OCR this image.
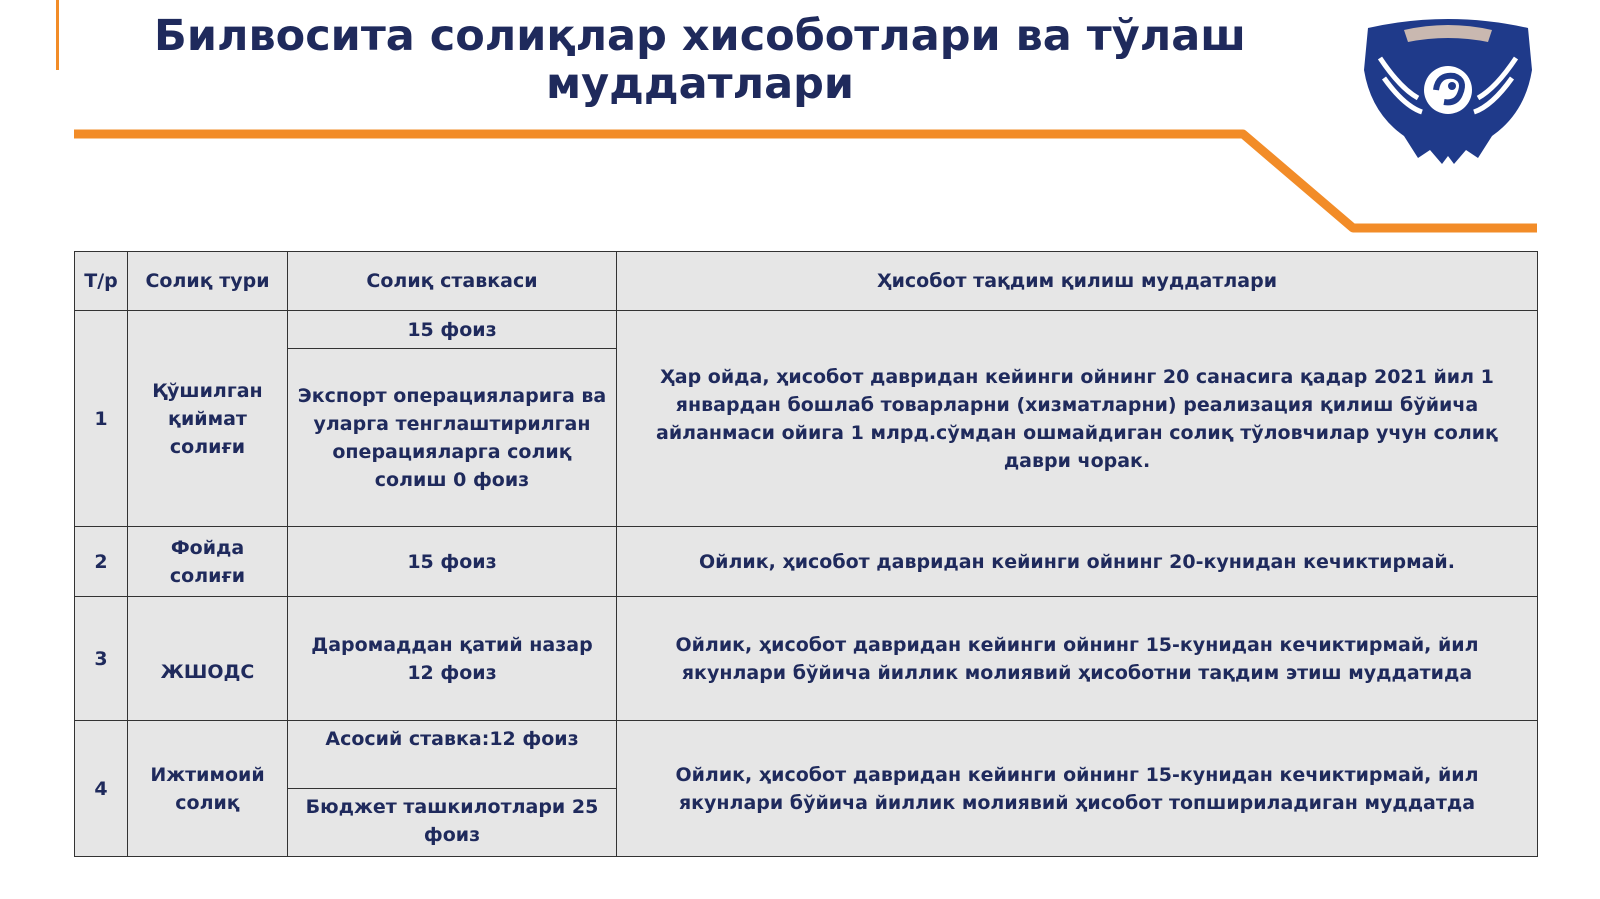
Билвосита солиқлар хисоботлари ва тўлаш
муддатлари
Т/р	Солиқ тури	Солиқ ставкаси	Ҳисобот тақдим қилиш муддатлари
1	Қўшилган қиймат солиғи	15 фоиз	Ҳар ойда, ҳисобот давридан кейинги ойнинг 20 санасига қадар 2021 йил 1 январдан бошлаб товарларни (хизматларни) реализация қилиш бўйича айланмаси ойига 1 млрд.сўмдан ошмайдиган солиқ тўловчилар учун солиқ даври чорак.
		Экспорт операцияларига ва уларга тенглаштирилган операцияларга солиқ солиш 0 фоиз	
2	Фойда солиғи	15 фоиз	Ойлик, ҳисобот давридан кейинги ойнинг 20-кунидан кечиктирмай.
3	ЖШОДС	Даромаддан қатий назар 12 фоиз	Ойлик, ҳисобот давридан кейинги ойнинг 15-кунидан кечиктирмай, йил якунлари бўйича йиллик молиявий ҳисоботни тақдим этиш муддатида
4	Ижтимоий солиқ	Асосий ставка:12 фоиз	Ойлик, ҳисобот давридан кейинги ойнинг 15-кунидан кечиктирмай, йил якунлари бўйича йиллик молиявий ҳисобот топшириладиган муддатда
		Бюджет ташкилотлари 25 фоиз	
